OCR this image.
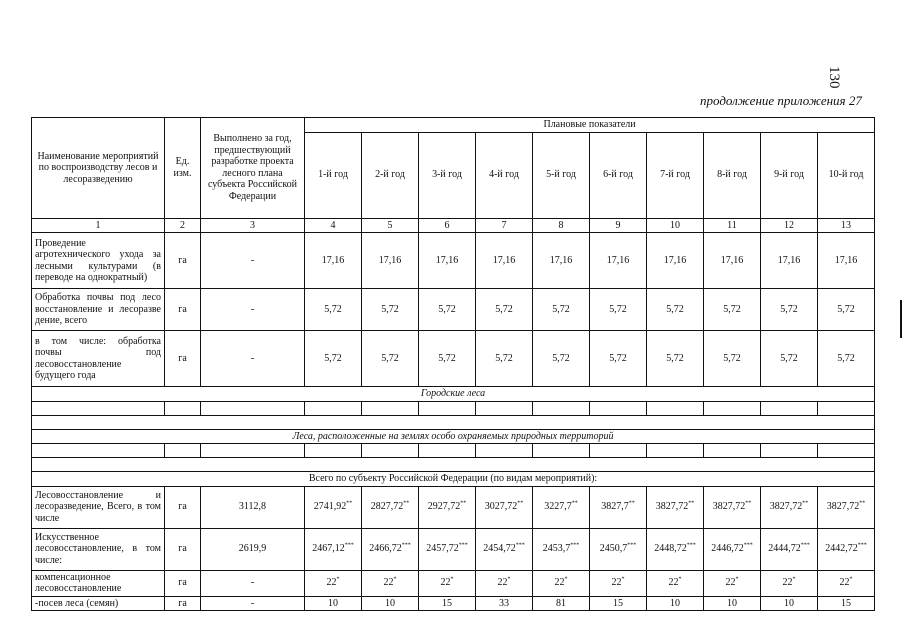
130
продолжение приложения 27
Наименование мероприятий по воспроизводству лесов и лесоразведению	Ед. изм.	Выполнено за год, предшествующий разработке проекта лесного плана субъекта Российской Федерации	Плановые показатели									
			1-й год	2-й год	3-й год	4-й год	5-й год	6-й год	7-й год	8-й год	9-й год	10-й год
1	2	3	4	5	6	7	8	9	10	11	12	13
Проведение агротехнического ухода за лесными культурами (в переводе на однократный)	га	-	17,16	17,16	17,16	17,16	17,16	17,16	17,16	17,16	17,16	17,16
Обработка почвы под лесо восстановление и лесоразве дение, всего	га	-	5,72	5,72	5,72	5,72	5,72	5,72	5,72	5,72	5,72	5,72
в том числе: обработка почвы под лесовосстановление будущего года	га	-	5,72	5,72	5,72	5,72	5,72	5,72	5,72	5,72	5,72	5,72
Городские леса												

Леса, расположенные на землях особо охраняемых природных территорий												

Всего по субъекту Российской Федерации (по видам мероприятий):												
Лесовосстановление и лесоразведение, Всего, в том числе	га	3112,8	2741,92**	2827,72**	2927,72**	3027,72**	3227,7**	3827,7**	3827,72**	3827,72**	3827,72**	3827,72**
Искусственное лесовосстановление, в том числе:	га	2619,9	2467,12***	2466,72***	2457,72***	2454,72***	2453,7***	2450,7***	2448,72***	2446,72***	2444,72***	2442,72***
компенсационное лесовосстановление	га	-	22*	22*	22*	22*	22*	22*	22*	22*	22*	22*
-посев леса (семян)	га	-	10	10	15	33	81	15	10	10	10	15
